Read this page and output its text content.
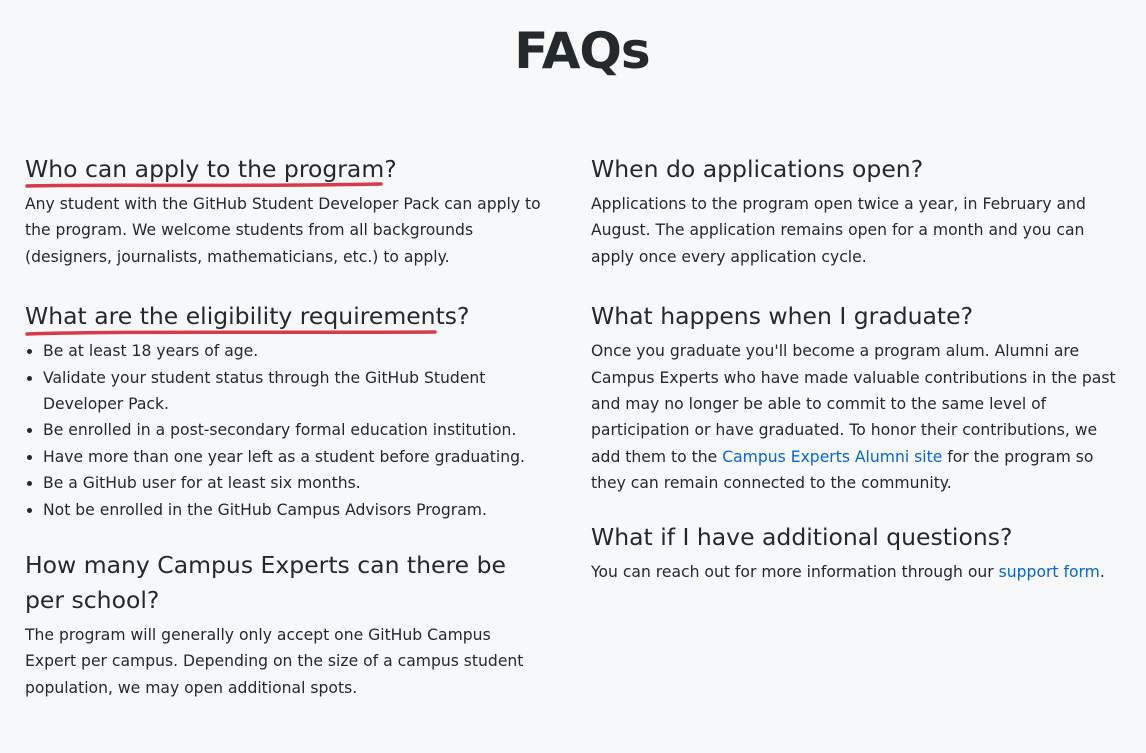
FAQs
Who can apply to the program?

Any student with the GitHub Student Developer Pack can apply to the program. We welcome students from all backgrounds (designers, journalists, mathematicians, etc.) to apply.

What are the eligibility requirements?
• Be at least 18 years of age.
• Validate your student status through the GitHub Student Developer Pack.
• Be enrolled in a post-secondary formal education institution.
• Have more than one year left as a student before graduating.
• Be a GitHub user for at least six months.
• Not be enrolled in the GitHub Campus Advisors Program.
How many Campus Experts can there be per school?

The program will generally only accept one GitHub Campus Expert per campus. Depending on the size of a campus student population, we may open additional spots.

When do applications open?

Applications to the program open twice a year, in February and August. The application remains open for a month and you can apply once every application cycle.

What happens when I graduate?

Once you graduate you'll become a program alum. Alumni are Campus Experts who have made valuable contributions in the past and may no longer be able to commit to the same level of participation or have graduated. To honor their contributions, we add them to the Campus Experts Alumni site for the program so they can remain connected to the community.

What if I have additional questions?

You can reach out for more information through our support form.
